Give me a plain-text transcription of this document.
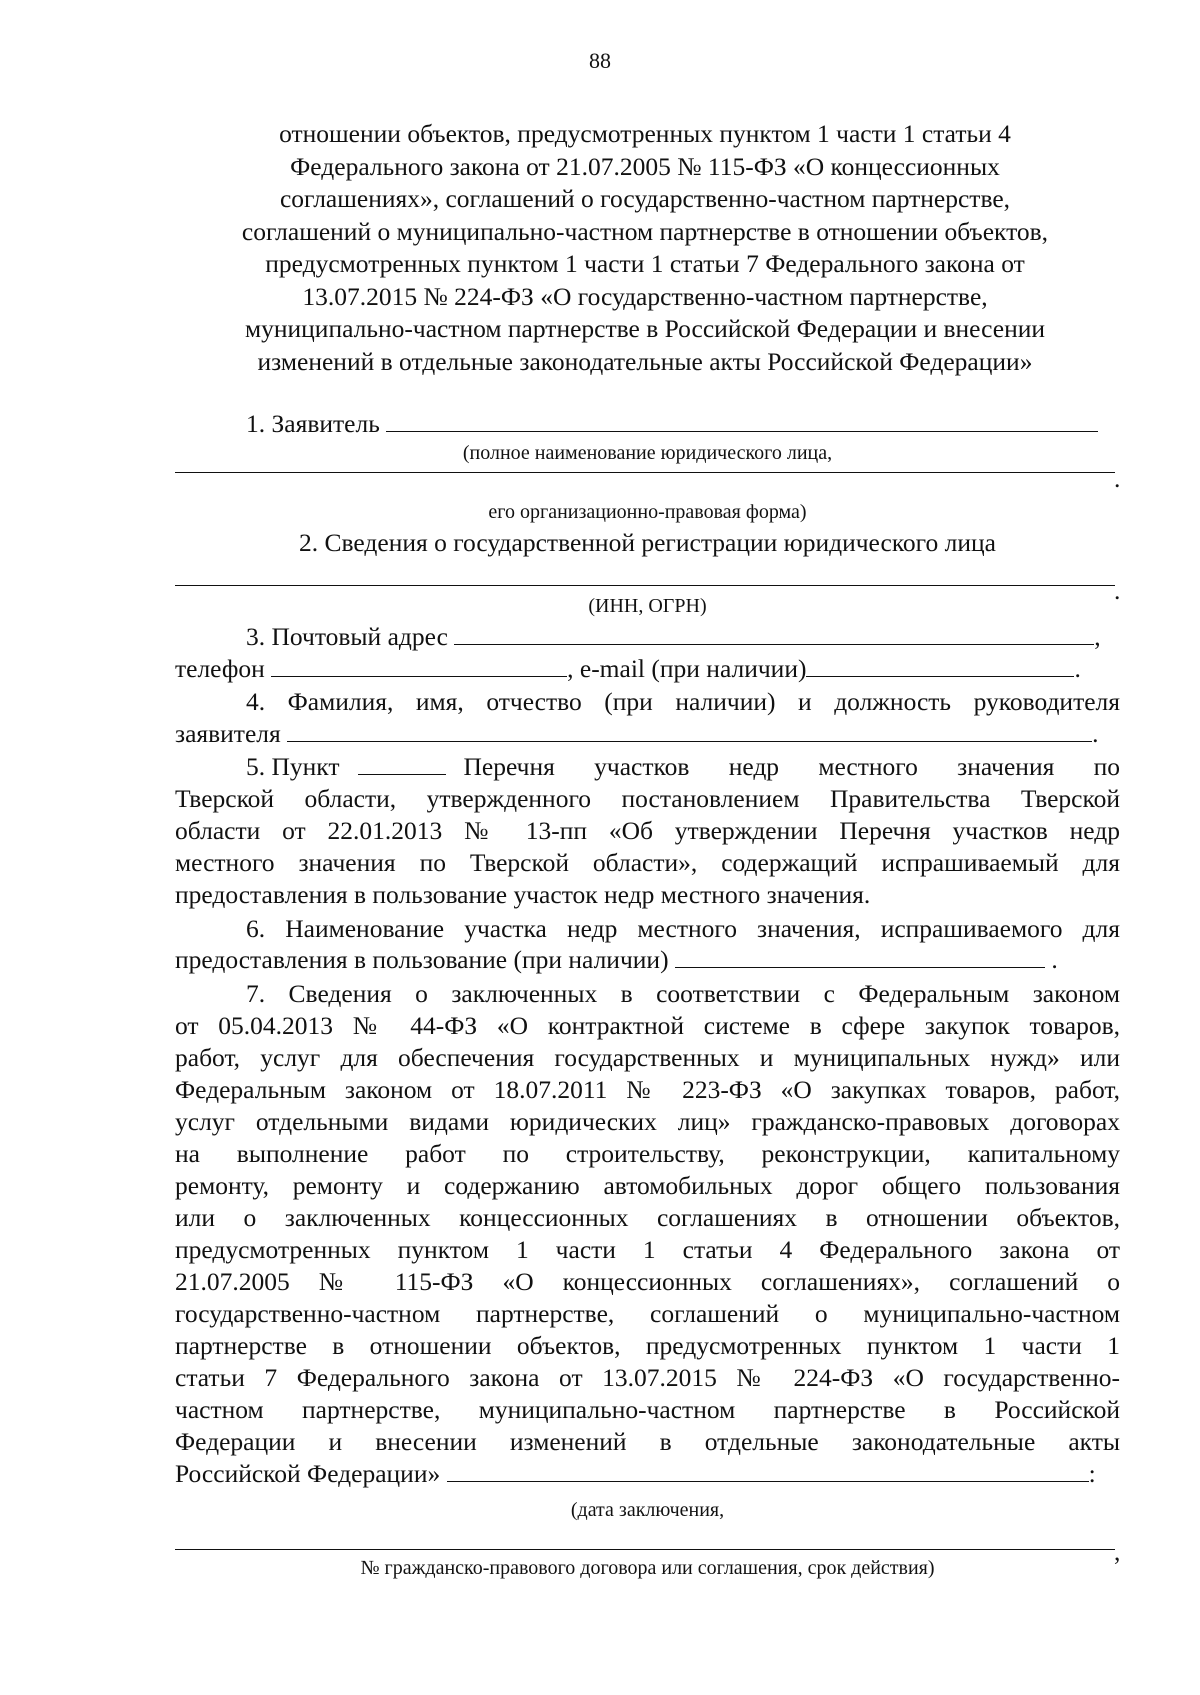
88
отношении объектов, предусмотренных пунктом 1 части 1 статьи 4
Федерального закона от 21.07.2005 № 115-ФЗ «О концессионных
соглашениях», соглашений о государственно-частном партнерстве,
соглашений о муниципально-частном партнерстве в отношении объектов,
предусмотренных пунктом 1 части 1 статьи 7 Федерального закона от
13.07.2015 № 224-ФЗ «О государственно-частном партнерстве,
муниципально-частном партнерстве в Российской Федерации и внесении
изменений в отдельные законодательные акты Российской Федерации»
1. Заявитель
(полное наименование юридического лица,
.
его организационно-правовая форма)
2. Сведения о государственной регистрации юридического лица
.
(ИНН, ОГРН)
3. Почтовый адрес	,
телефон	, e-mail (при наличии)	.
4. Фамилия, имя, отчество (при наличии) и должность руководителя
заявителя	.
5. Пункт	Перечня участков недр местного значения по
Тверской области, утвержденного постановлением Правительства Тверской
области от 22.01.2013 № 13-пп «Об утверждении Перечня участков недр
местного значения по Тверской области», содержащий испрашиваемый для
предоставления в пользование участок недр местного значения.
6. Наименование участка недр местного значения, испрашиваемого для
предоставления в пользование (при наличии)	.
7. Сведения о заключенных в соответствии с Федеральным законом
от 05.04.2013 № 44-ФЗ «О контрактной системе в сфере закупок товаров,
работ, услуг для обеспечения государственных и муниципальных нужд» или
Федеральным законом от 18.07.2011 № 223-ФЗ «О закупках товаров, работ,
услуг отдельными видами юридических лиц» гражданско-правовых договорах
на выполнение работ по строительству, реконструкции, капитальному
ремонту, ремонту и содержанию автомобильных дорог общего пользования
или о заключенных концессионных соглашениях в отношении объектов,
предусмотренных пунктом 1 части 1 статьи 4 Федерального закона от
21.07.2005 № 115-ФЗ «О концессионных соглашениях», соглашений о
государственно-частном партнерстве, соглашений о муниципально-частном
партнерстве в отношении объектов, предусмотренных пунктом 1 части 1
статьи 7 Федерального закона от 13.07.2015 № 224-ФЗ «О государственно-
частном партнерстве, муниципально-частном партнерстве в Российской
Федерации и внесении изменений в отдельные законодательные акты
Российской Федерации»	:
(дата заключения,
,
№ гражданско-правового договора или соглашения, срок действия)
